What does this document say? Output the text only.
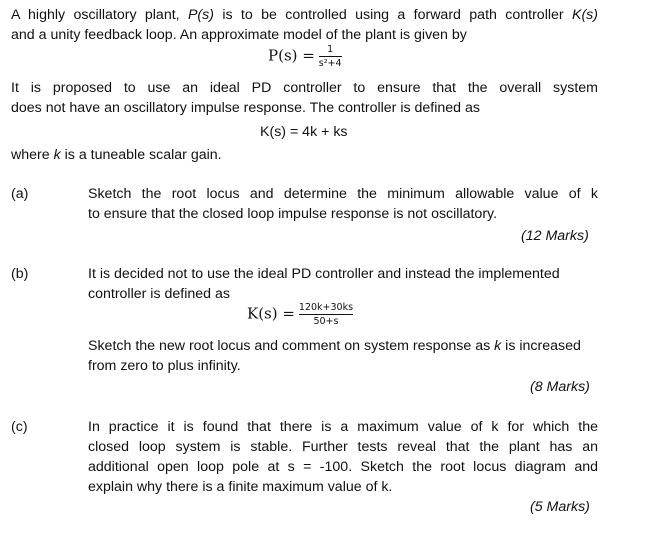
A highly oscillatory plant, P(s) is to be controlled using a forward path controller K(s)
and a unity feedback loop. An approximate model of the plant is given by
$P(s) = \frac{1}{\text{s²+4}}$
It is proposed to use an ideal PD controller to ensure that the overall system
does not have an oscillatory impulse response. The controller is defined as
K(s) = 4k + ks
where k is a tuneable scalar gain.
(a)	Sketch the root locus and determine the minimum allowable value of k
to ensure that the closed loop impulse response is not oscillatory.
(12 Marks)
(b)	It is decided not to use the ideal PD controller and instead the implemented
controller is defined as
$K(s) = \frac{120k+30ks}{50+s}$
Sketch the new root locus and comment on system response as k is increased
from zero to plus infinity.
(8 Marks)
(c)	In practice it is found that there is a maximum value of k for which the
closed loop system is stable. Further tests reveal that the plant has an
additional open loop pole at s = -100. Sketch the root locus diagram and
explain why there is a finite maximum value of k.
(5 Marks)
